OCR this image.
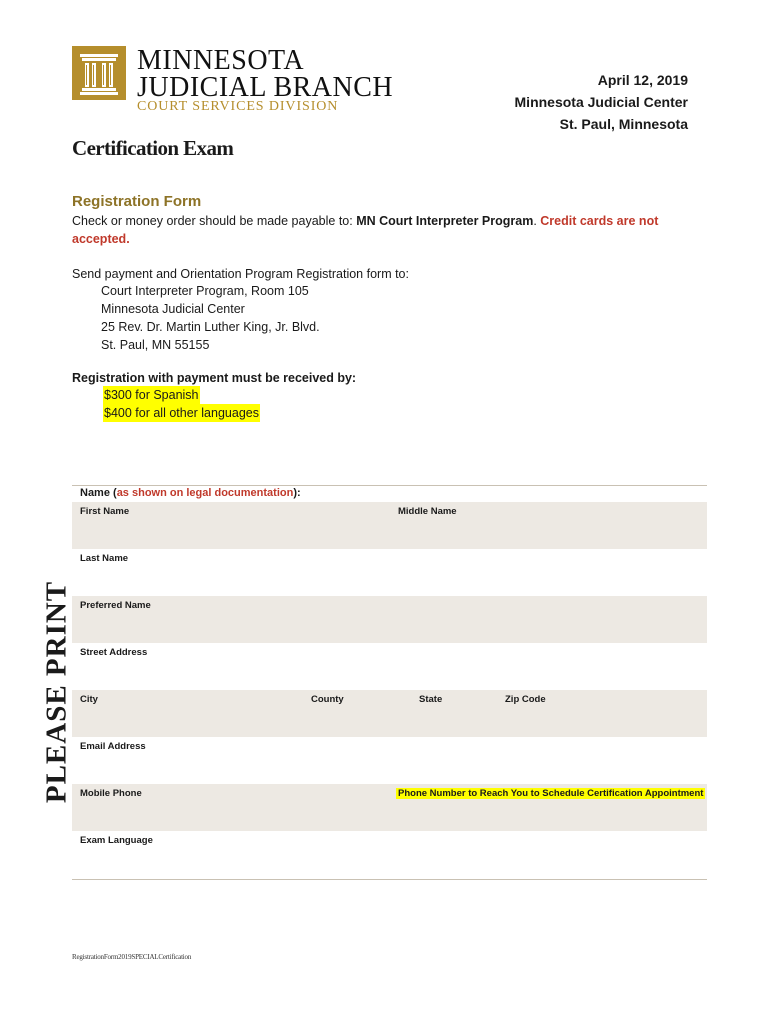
MINNESOTA
JUDICIAL BRANCH
COURT SERVICES DIVISION
April 12, 2019
Minnesota Judicial Center
St. Paul, Minnesota
Certification Exam
Registration Form
Check or money order should be made payable to: MN Court Interpreter Program. Credit cards are not accepted.
Send payment and Orientation Program Registration form to:
Court Interpreter Program, Room 105
Minnesota Judicial Center
25 Rev. Dr. Martin Luther King, Jr. Blvd.
St. Paul, MN 55155
Registration with payment must be received by:
$300 for Spanish
$400 for all other languages
PLEASE PRINT
Name (as shown on legal documentation):
First Name	Middle Name
Last Name
Preferred Name
Street Address
City	County	State	Zip Code
Email Address
Mobile Phone	Phone Number to Reach You to Schedule Certification Appointment
Exam Language
RegistrationForm2019SPECIALCertification
